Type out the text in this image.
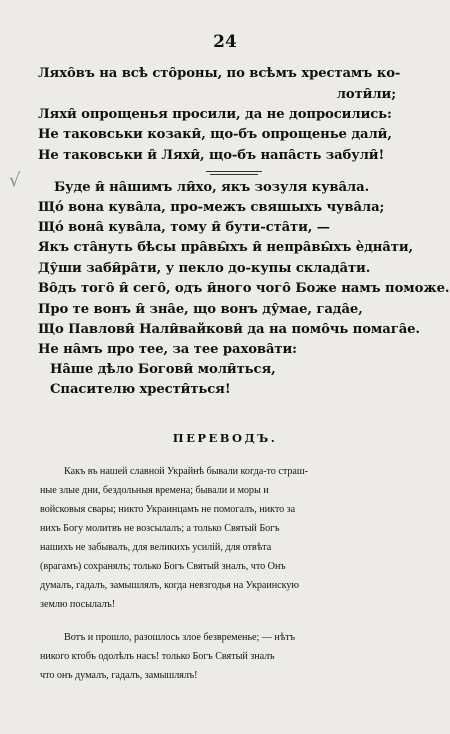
√
24
Ляхо̑въ на всѣ сто̑роны, по всѣмъ хрестамъ ко-
лоти̑ли;
Ляхи̑ опрощенья просили, да не допросились:
Не таковськи козаки̑, що-бъ опрощенье дали̑,
Не таковськи и̑ Ляхи̑, що-бъ напа̑сть забули̑!
Буде и̑ на̑шимъ ли̑хо, якъ зозуля кува̑ла.
Щó вона кува̑ла, про-межъ свяшыхъ чува̑ла;
Щó вона̑ кува̑ла, тому и̑ бути-ста̑ти, —
Якъ ста̑нуть бѣсы пра̑вы̑хъ и̑ непра̑вы̑хъ ѐдна̑ти,
Ду̑ши заби̑ра̑ти, у пекло до-купы склада̑ти.
Во̑дъ того̑ и̑ сего̑, одъ и̑ного чого̑ Боже намъ поможе.
Про те вонъ и̑ зна̑е, що вонъ ду̑мае, гада̑е,
Що Павлови̑ Нали̑вайкови̑ да на помо̑чь помага̑е.
Не на̑мъ про тее, за тее рахова̑ти:
На̑ше дѣло Богови̑ моли̑ться,
Спасителю хрести̑ться!
ПЕРЕВОДЪ.
Какъ въ нашей славной Украйнѣ бывали когда-то страш-
ные злые дни, бездольныя времена; бывали и моры и
войсковыя свары; никто Украинцамъ не помогалъ, никто за
нихъ Богу молитвъ не возсылалъ; а только Святый Богъ
нашихъ не забывалъ, для великихъ усилій, для отвѣта
(врагамъ) сохранялъ; только Богъ Святый зналъ, что Онъ
думалъ, гадалъ, замышлялъ, когда невзгодья на Украинскую
землю посылалъ!
Вотъ и прошло, разошлось злое безвременье; — нѣтъ
никого ктобъ одолѣлъ насъ! только Богъ Святый зналъ
что онъ думалъ, гадалъ, замышлялъ!
